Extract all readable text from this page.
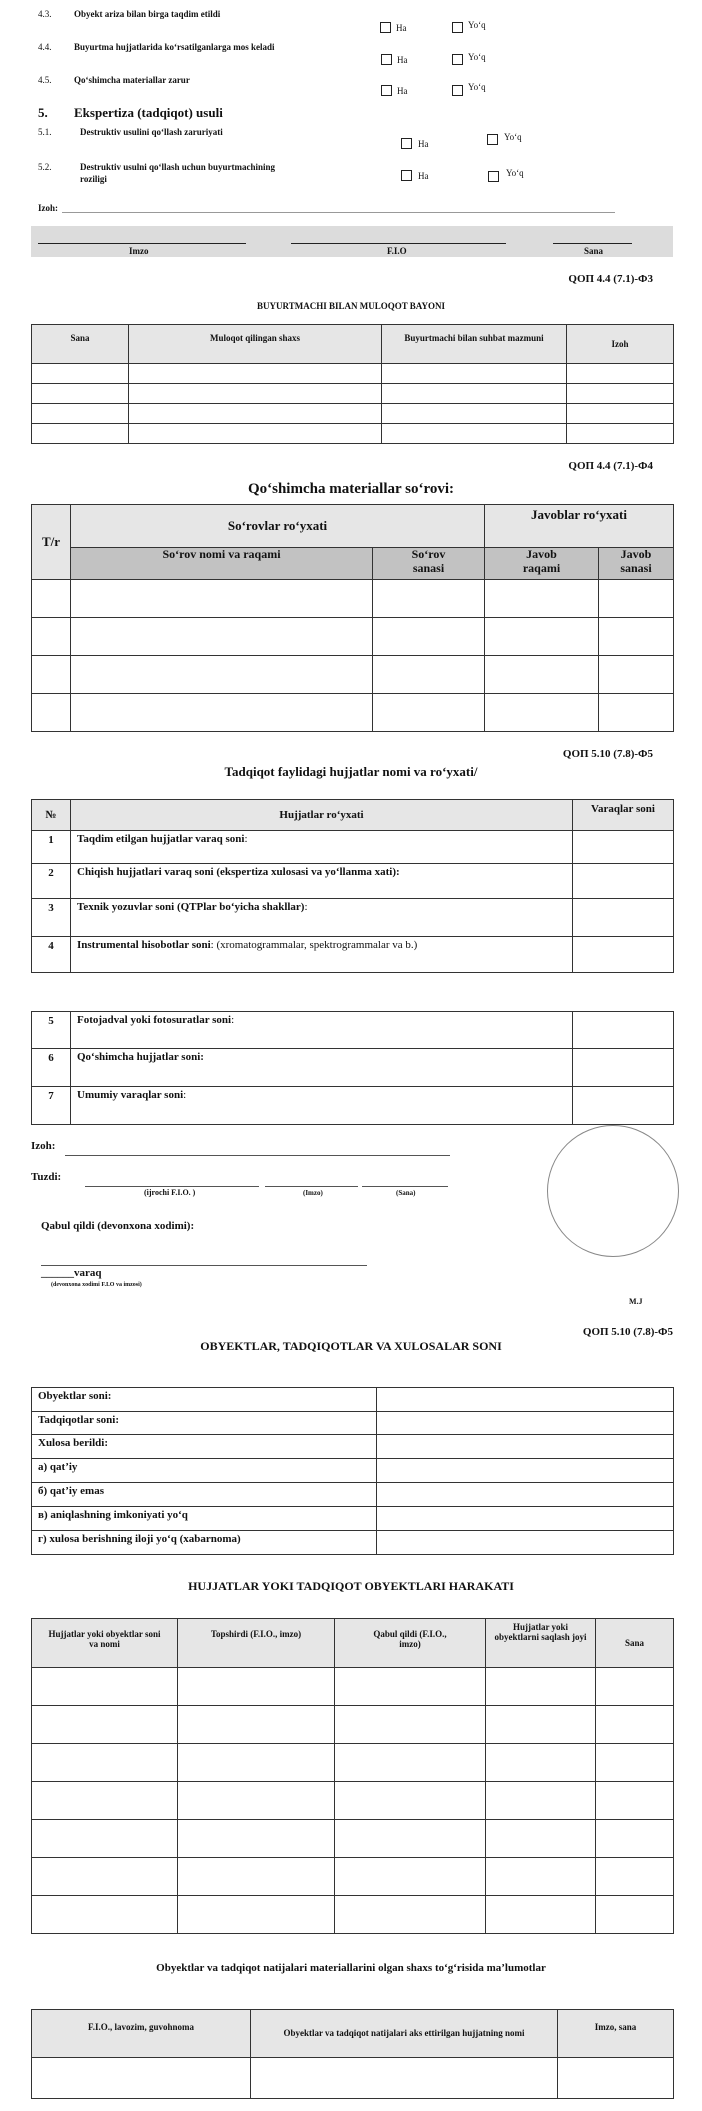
4.3.	Obyekt ariza bilan birga taqdim etildi
Ha	Yo‘q
4.4.	Buyurtma hujjatlarida ko‘rsatilganlarga mos keladi
Ha	Yo‘q
4.5.	Qo‘shimcha materiallar zarur
Ha	Yo‘q
5. Ekspertiza (tadqiqot) usuli
5.1.	Destruktiv usulini qo‘llash zaruriyati
Ha
Yo‘q
5.2.	Destruktiv usulni qo‘llash uchun buyurtmachining
roziligi	Ha	Yo‘q
Izoh:
Imzo	F.I.O	Sana
QОП 4.4 (7.1)-Ф3
BUYURTMACHI BILAN MULOQOT BAYONI
Sana	Muloqot qilingan shaxs	Buyurtmachi bilan suhbat mazmuni	Izoh

QОП 4.4 (7.1)-Ф4
Qo‘shimcha materiallar so‘rovi:
T/r	So‘rovlar ro‘yxati		Javoblar ro‘yxati	
	So‘rov nomi va raqami	So‘rov sanasi	Javob raqami	Javob sanasi

QОП 5.10 (7.8)-Ф5
Tadqiqot faylidagi hujjatlar nomi va ro‘yxati/
№	Hujjatlar ro‘yxati	Varaqlar soni
1	Taqdim etilgan hujjatlar varaq soni:	
2	Chiqish hujjatlari varaq soni (ekspertiza xulosasi va yo‘llanma xati):	
3	Texnik yozuvlar soni (QTPlar bo‘yicha shakllar):	
4	Instrumental hisobotlar soni: (xromatogrammalar, spektrogrammalar va b.)	
5	Fotojadval yoki fotosuratlar soni:	
6	Qo‘shimcha hujjatlar soni:	
7	Umumiy varaqlar soni:	
Izoh:
Tuzdi:
(ijrochi F.I.O. )	(Imzo)	(Sana)
Qabul qildi (devonxona xodimi):
______varaq
(devonxona xodimi F.I.O va imzosi)
M.J
QОП 5.10 (7.8)-Ф5
OBYEKTLAR, TADQIQOTLAR VA XULOSALAR SONI
Obyektlar soni:	
Tadqiqotlar soni:	
Xulosa berildi:	
а) qat’iy	
б) qat’iy emas	
в) aniqlashning imkoniyati yo‘q	
г) xulosa berishning iloji yo‘q (xabarnoma)	
HUJJATLAR YOKI TADQIQOT OBYEKTLARI HARAKATI
Hujjatlar yoki obyektlar soni va nomi	Topshirdi (F.I.O., imzo)	Qabul qildi (F.I.O., imzo)	Hujjatlar yoki obyektlarni saqlash joyi	Sana

Obyektlar va tadqiqot natijalari materiallarini olgan shaxs to‘g‘risida ma’lumotlar
F.I.O., lavozim, guvohnoma	Obyektlar va tadqiqot natijalari aks ettirilgan hujjatning nomi	Imzo, sana
